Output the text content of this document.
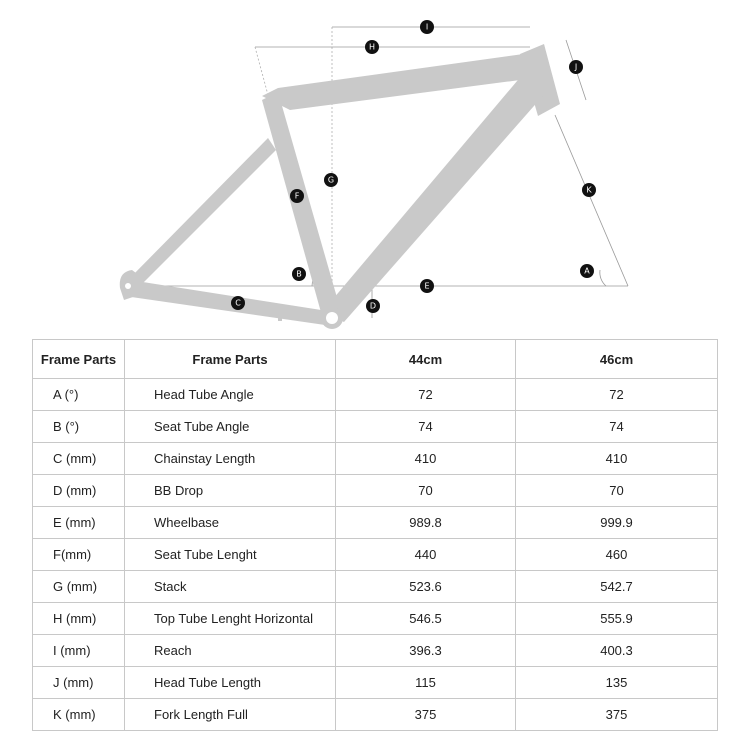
I
H
J
G
F
K
B	A
E
C	D
Frame Parts	Frame Parts	44cm	46cm
A (°)	Head Tube Angle	72	72
B (°)	Seat Tube Angle	74	74
C (mm)	Chainstay Length	410	410
D (mm)	BB Drop	70	70
E (mm)	Wheelbase	989.8	999.9
F(mm)	Seat Tube Lenght	440	460
G (mm)	Stack	523.6	542.7
H (mm)	Top Tube Lenght Horizontal	546.5	555.9
I (mm)	Reach	396.3	400.3
J (mm)	Head Tube Length	115	135
K (mm)	Fork Length Full	375	375
